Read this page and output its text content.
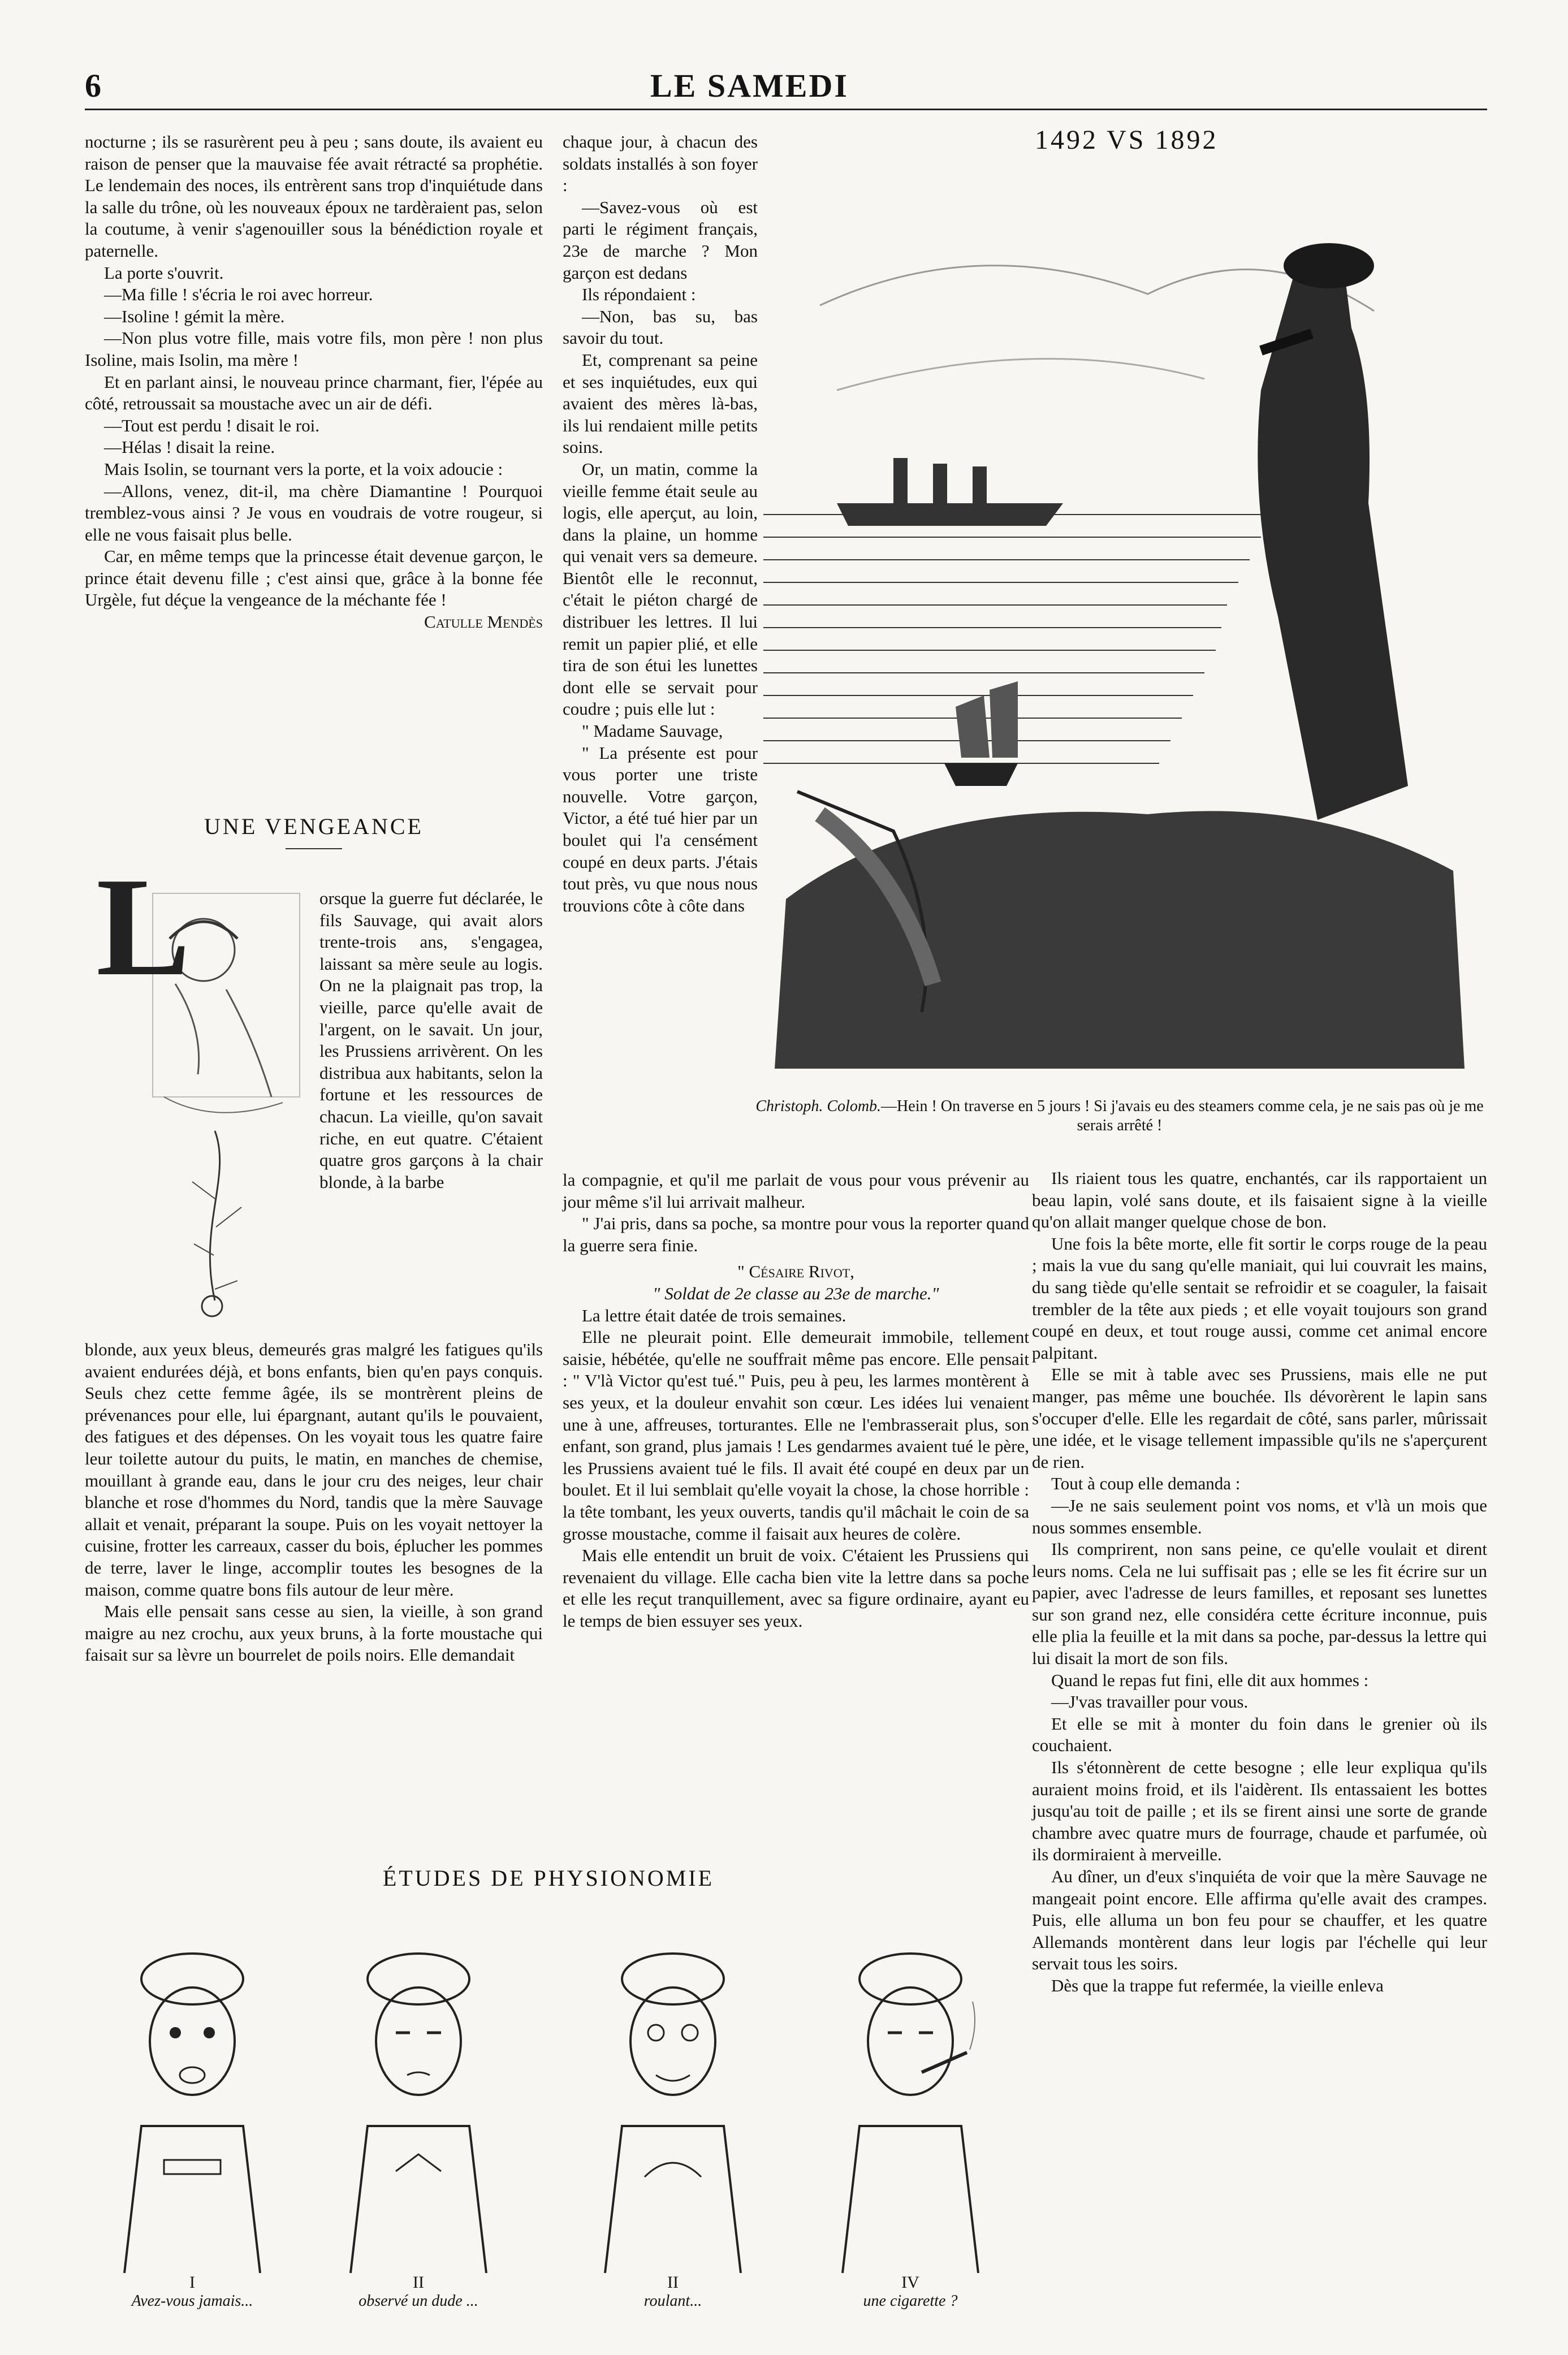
6	LE SAMEDI

nocturne ; ils se rasurèrent peu à peu ; sans doute, ils avaient eu raison de penser que la mauvaise fée avait rétracté sa prophétie. Le lendemain des noces, ils entrèrent sans trop d'inquiétude dans la salle du trône, où les nouveaux époux ne tardèraient pas, selon la coutume, à venir s'agenouiller sous la bénédiction royale et paternelle.

La porte s'ouvrit.

—Ma fille ! s'écria le roi avec horreur.

—Isoline ! gémit la mère.

—Non plus votre fille, mais votre fils, mon père ! non plus Isoline, mais Isolin, ma mère !

Et en parlant ainsi, le nouveau prince charmant, fier, l'épée au côté, retroussait sa moustache avec un air de défi.

—Tout est perdu ! disait le roi.

—Hélas ! disait la reine.

Mais Isolin, se tournant vers la porte, et la voix adoucie :

—Allons, venez, dit-il, ma chère Diamantine ! Pourquoi tremblez-vous ainsi ? Je vous en voudrais de votre rougeur, si elle ne vous faisait plus belle.

Car, en même temps que la princesse était devenue garçon, le prince était devenu fille ; c'est ainsi que, grâce à la bonne fée Urgèle, fut déçue la vengeance de la méchante fée !

Catulle Mendès
UNE VENGEANCE
L	orsque la guerre fut déclarée, le fils Sauvage, qui avait alors trente-trois ans, s'engagea, laissant sa mère seule au logis. On ne la plaignait pas trop, la vieille, parce qu'elle avait de l'argent, on le savait. Un jour, les Prussiens arrivèrent. On les distribua aux habitants, selon la fortune et les ressources de chacun. La vieille, qu'on savait riche, en eut quatre. C'étaient quatre gros garçons à la chair blonde, à la barbe

blonde, aux yeux bleus, demeurés gras malgré les fatigues qu'ils avaient endurées déjà, et bons enfants, bien qu'en pays conquis. Seuls chez cette femme âgée, ils se montrèrent pleins de prévenances pour elle, lui épargnant, autant qu'ils le pouvaient, des fatigues et des dépenses. On les voyait tous les quatre faire leur toilette autour du puits, le matin, en manches de chemise, mouillant à grande eau, dans le jour cru des neiges, leur chair blanche et rose d'hommes du Nord, tandis que la mère Sauvage allait et venait, préparant la soupe. Puis on les voyait nettoyer la cuisine, frotter les carreaux, casser du bois, éplucher les pommes de terre, laver le linge, accomplir toutes les besognes de la maison, comme quatre bons fils autour de leur mère.

Mais elle pensait sans cesse au sien, la vieille, à son grand maigre au nez crochu, aux yeux bruns, à la forte moustache qui faisait sur sa lèvre un bourrelet de poils noirs. Elle demandait

chaque jour, à chacun des soldats installés à son foyer :

—Savez-vous où est parti le régiment français, 23e de marche ? Mon garçon est dedans

Ils répondaient :

—Non, bas su, bas savoir du tout.

Et, comprenant sa peine et ses inquiétudes, eux qui avaient des mères là-bas, ils lui rendaient mille petits soins.

Or, un matin, comme la vieille femme était seule au logis, elle aperçut, au loin, dans la plaine, un homme qui venait vers sa demeure. Bientôt elle le reconnut, c'était le piéton chargé de distribuer les lettres. Il lui remit un papier plié, et elle tira de son étui les lunettes dont elle se servait pour coudre ; puis elle lut :

" Madame Sauvage,

" La présente est pour vous porter une triste nouvelle. Votre garçon, Victor, a été tué hier par un boulet qui l'a censément coupé en deux parts. J'étais tout près, vu que nous nous trouvions côte à côte dans

1492 VS 1892
Christoph. Colomb.—Hein ! On traverse en 5 jours ! Si j'avais eu des steamers comme cela, je ne sais pas où je me serais arrêté !

la compagnie, et qu'il me parlait de vous pour vous prévenir au jour même s'il lui arrivait malheur.

" J'ai pris, dans sa poche, sa montre pour vous la reporter quand la guerre sera finie.

" Césaire Rivot,
" Soldat de 2e classe au 23e de marche."

La lettre était datée de trois semaines.

Elle ne pleurait point. Elle demeurait immobile, tellement saisie, hébétée, qu'elle ne souffrait même pas encore. Elle pensait : " V'là Victor qu'est tué." Puis, peu à peu, les larmes montèrent à ses yeux, et la douleur envahit son cœur. Les idées lui venaient une à une, affreuses, torturantes. Elle ne l'embrasserait plus, son enfant, son grand, plus jamais ! Les gendarmes avaient tué le père, les Prussiens avaient tué le fils. Il avait été coupé en deux par un boulet. Et il lui semblait qu'elle voyait la chose, la chose horrible : la tête tombant, les yeux ouverts, tandis qu'il mâchait le coin de sa grosse moustache, comme il faisait aux heures de colère.

Mais elle entendit un bruit de voix. C'étaient les Prussiens qui revenaient du village. Elle cacha bien vite la lettre dans sa poche et elle les reçut tranquillement, avec sa figure ordinaire, ayant eu le temps de bien essuyer ses yeux.

Ils riaient tous les quatre, enchantés, car ils rapportaient un beau lapin, volé sans doute, et ils faisaient signe à la vieille qu'on allait manger quelque chose de bon.

Une fois la bête morte, elle fit sortir le corps rouge de la peau ; mais la vue du sang qu'elle maniait, qui lui couvrait les mains, du sang tiède qu'elle sentait se refroidir et se coaguler, la faisait trembler de la tête aux pieds ; et elle voyait toujours son grand coupé en deux, et tout rouge aussi, comme cet animal encore palpitant.

Elle se mit à table avec ses Prussiens, mais elle ne put manger, pas même une bouchée. Ils dévorèrent le lapin sans s'occuper d'elle. Elle les regardait de côté, sans parler, mûrissait une idée, et le visage tellement impassible qu'ils ne s'aperçurent de rien.

Tout à coup elle demanda :

—Je ne sais seulement point vos noms, et v'là un mois que nous sommes ensemble.

Ils comprirent, non sans peine, ce qu'elle voulait et dirent leurs noms. Cela ne lui suffisait pas ; elle se les fit écrire sur un papier, avec l'adresse de leurs familles, et reposant ses lunettes sur son grand nez, elle considéra cette écriture inconnue, puis elle plia la feuille et la mit dans sa poche, par-dessus la lettre qui lui disait la mort de son fils.

Quand le repas fut fini, elle dit aux hommes :

—J'vas travailler pour vous.

Et elle se mit à monter du foin dans le grenier où ils couchaient.

Ils s'étonnèrent de cette besogne ; elle leur expliqua qu'ils auraient moins froid, et ils l'aidèrent. Ils entassaient les bottes jusqu'au toit de paille ; et ils se firent ainsi une sorte de grande chambre avec quatre murs de fourrage, chaude et parfumée, où ils dormiraient à merveille.

Au dîner, un d'eux s'inquiéta de voir que la mère Sauvage ne mangeait point encore. Elle affirma qu'elle avait des crampes. Puis, elle alluma un bon feu pour se chauffer, et les quatre Allemands montèrent dans leur logis par l'échelle qui leur servait tous les soirs.

Dès que la trappe fut refermée, la vieille enleva

ÉTUDES DE PHYSIONOMIE
I
Avez-vous jamais...
II
observé un dude ...
II
roulant...
IV
une cigarette ?
